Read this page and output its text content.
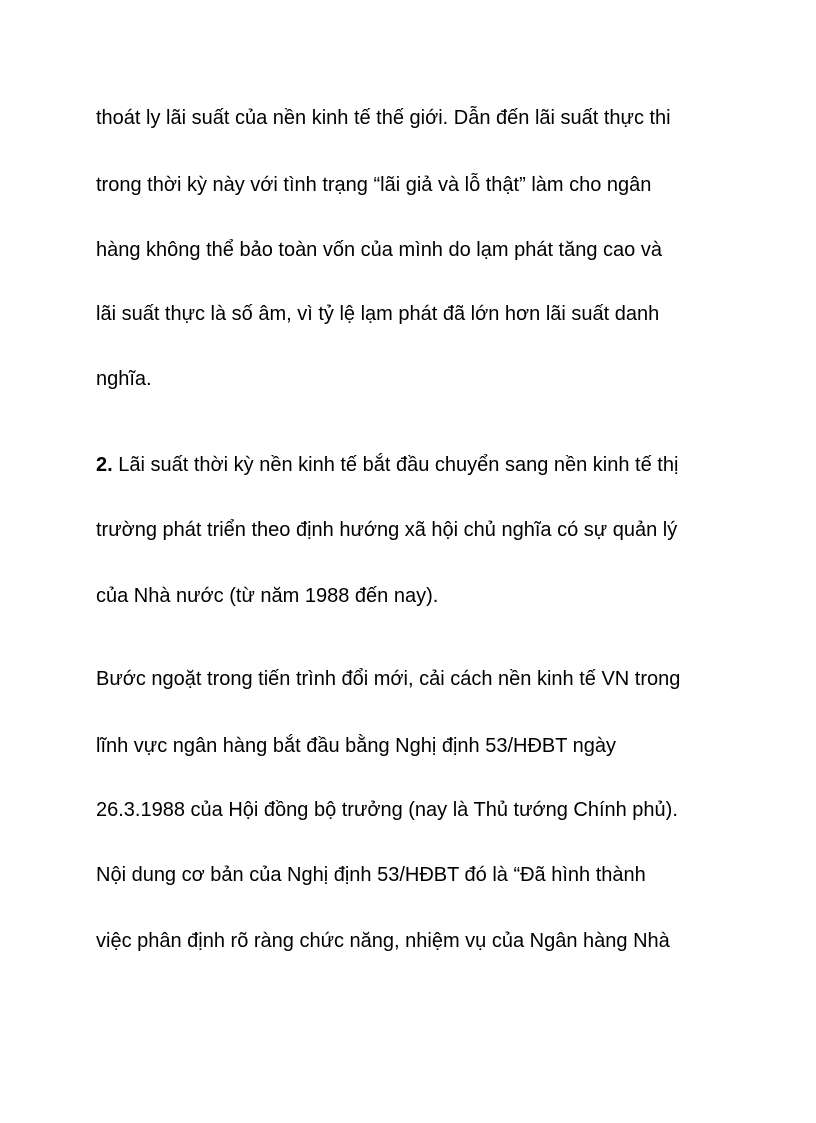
thoát ly lãi suất của nền kinh tế thế giới. Dẫn đến lãi suất thực thi

trong thời kỳ này với tình trạng “lãi giả và lỗ thật” làm cho ngân

hàng không thể bảo toàn vốn của mình do lạm phát tăng cao và

lãi suất thực là số âm, vì tỷ lệ lạm phát đã lớn hơn lãi suất danh

nghĩa.

2. Lãi suất thời kỳ nền kinh tế bắt đầu chuyển sang nền kinh tế thị

trường phát triển theo định hướng xã hội chủ nghĩa có sự quản lý

của Nhà nước (từ năm 1988 đến nay).

Bước ngoặt trong tiến trình đổi mới, cải cách nền kinh tế VN trong

lĩnh vực ngân hàng bắt đầu bằng Nghị định 53/HĐBT ngày

26.3.1988 của Hội đồng bộ trưởng (nay là Thủ tướng Chính phủ).

Nội dung cơ bản của Nghị định 53/HĐBT đó là “Đã hình thành

việc phân định rõ ràng chức năng, nhiệm vụ của Ngân hàng Nhà
